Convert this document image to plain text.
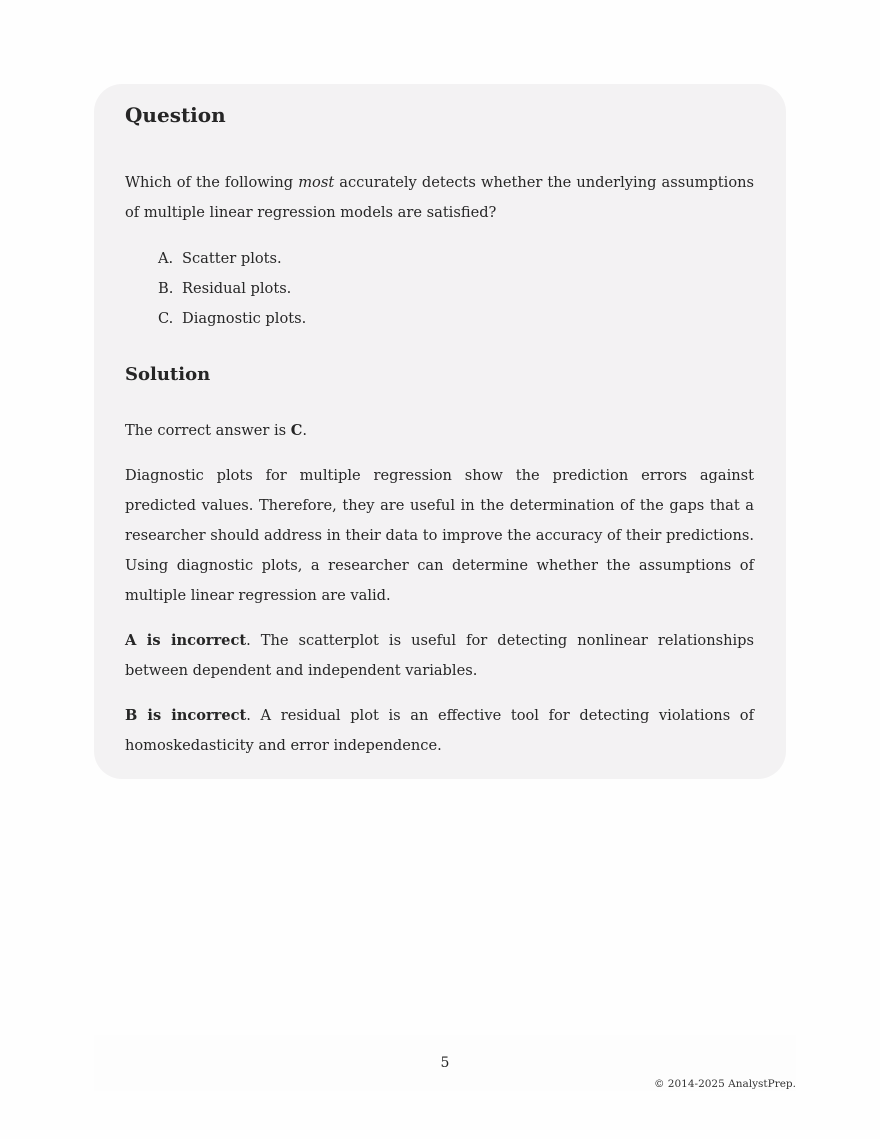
Question

Which of the following most accurately detects whether the underlying assumptions of multiple linear regression models are satisfied?

A. Scatter plots.
B. Residual plots.
C. Diagnostic plots.
Solution

The correct answer is C.

Diagnostic plots for multiple regression show the prediction errors against predicted values. Therefore, they are useful in the determination of the gaps that a researcher should address in their data to improve the accuracy of their predictions. Using diagnostic plots, a researcher can determine whether the assumptions of multiple linear regression are valid.

A is incorrect. The scatterplot is useful for detecting nonlinear relationships between dependent and independent variables.

B is incorrect. A residual plot is an effective tool for detecting violations of homoskedasticity and error independence.

5
© 2014-2025 AnalystPrep.
